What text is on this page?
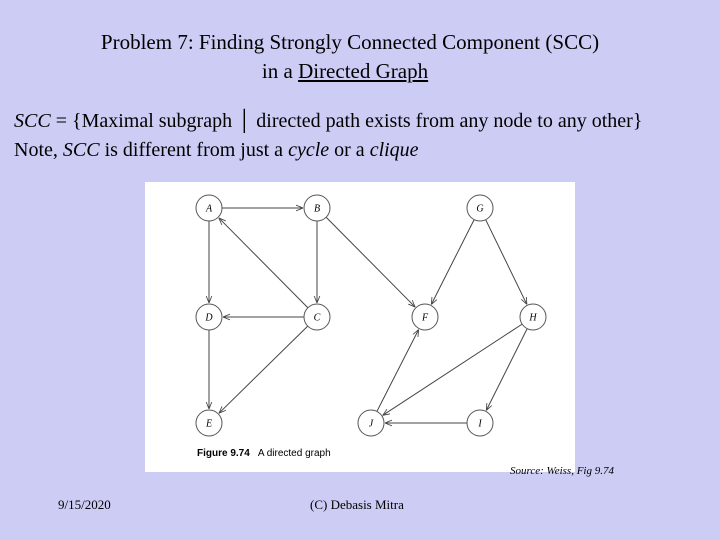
Problem 7: Finding Strongly Connected Component (SCC)
in a Directed Graph
SCC = {Maximal subgraph │ directed path exists from any node to any other}
Note, SCC is different from just a cycle or a clique
A	B	G
D	C	F	H
E	J	I
Figure 9.74 A directed graph
Source: Weiss, Fig 9.74
9/15/2020	(C) Debasis Mitra
